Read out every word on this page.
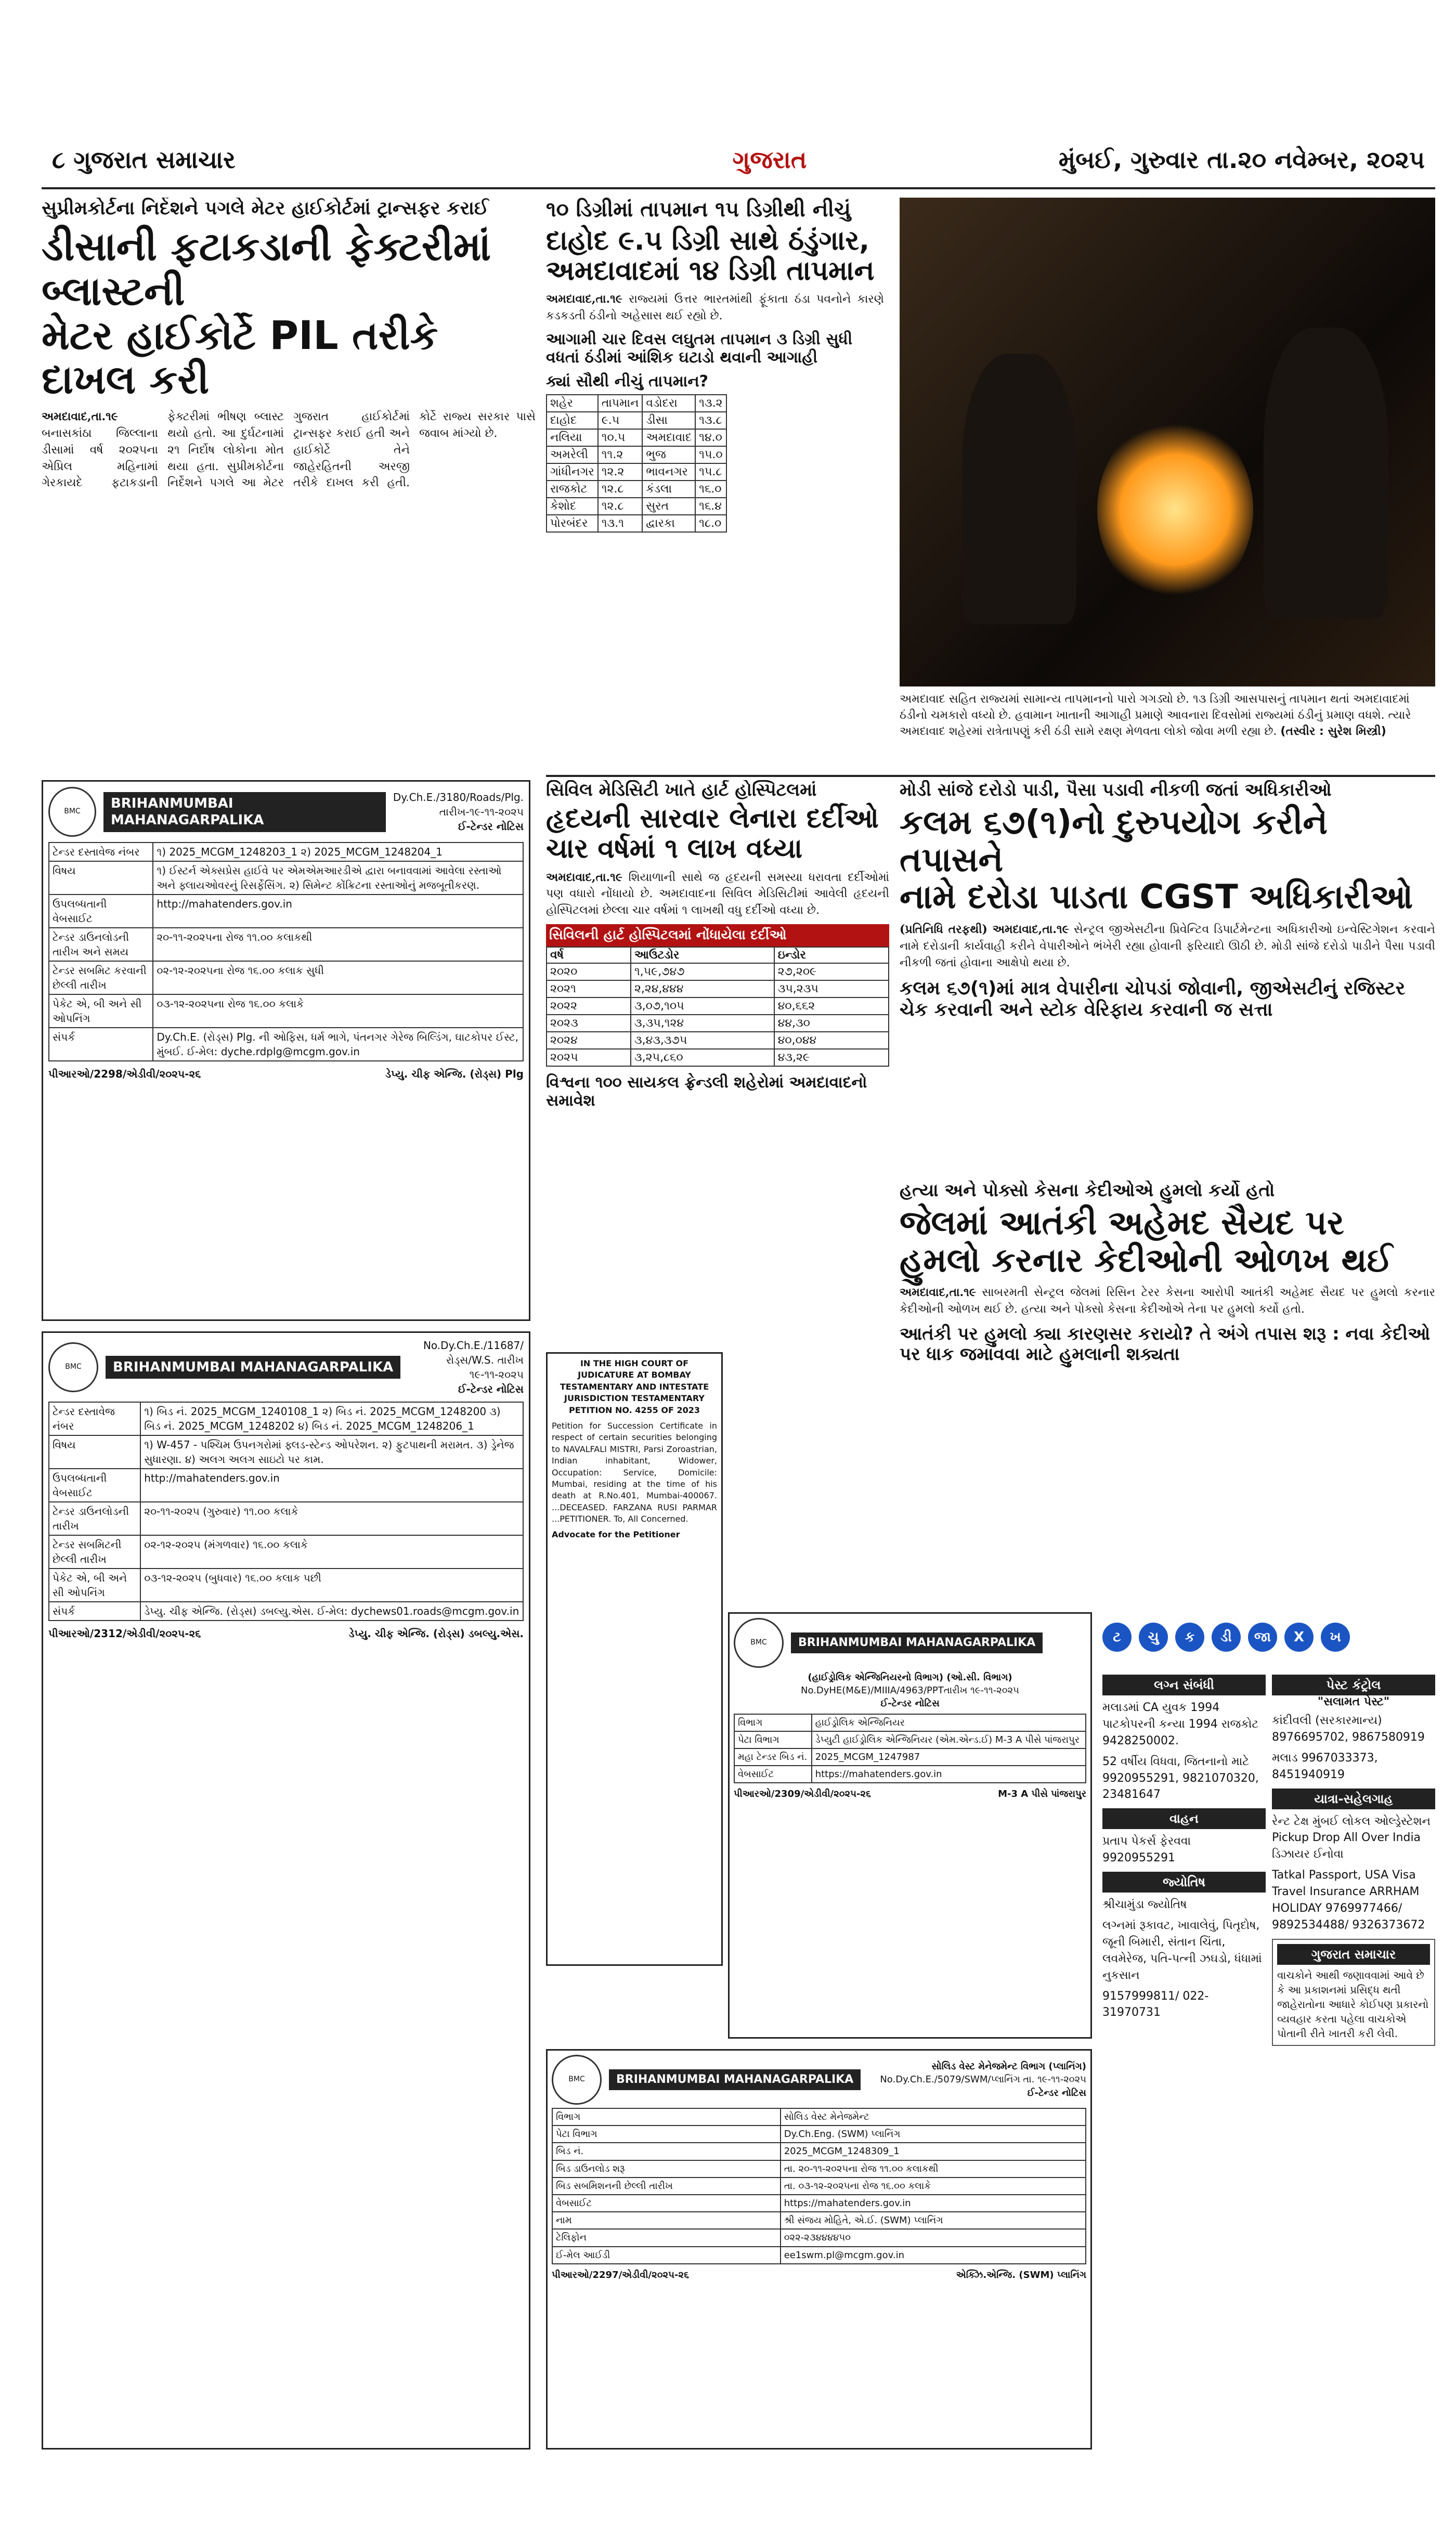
૮ ગુજરાત સમાચાર	ગુજરાત	મુંબઈ, ગુરુવાર તા.૨૦ નવેમ્બર, ૨૦૨૫
સુપ્રીમકોર્ટના નિર્દેશને પગલે મેટર હાઈકોર્ટમાં ટ્રાન્સફર કરાઈ
ડીસાની ફટાકડાની ફેક્ટરીમાં બ્લાસ્ટની
મેટર હાઈકોર્ટે PIL તરીકે દાખલ કરી
અમદાવાદ,તા.૧૯ બનાસકાંઠા જિલ્લાના ડીસામાં વર્ષ ૨૦૨૫ના એપ્રિલ મહિનામાં ગેરકાયદે ફટાકડાની ફેક્ટરીમાં ભીષણ બ્લાસ્ટ થયો હતો. આ દુર્ઘટનામાં ૨૧ નિર્દોષ લોકોના મોત થયા હતા. સુપ્રીમકોર્ટના નિર્દેશને પગલે આ મેટર ગુજરાત હાઈકોર્ટમાં ટ્રાન્સફર કરાઈ હતી અને હાઈકોર્ટે તેને જાહેરહિતની અરજી તરીકે દાખલ કરી હતી. કોર્ટે રાજ્ય સરકાર પાસે જવાબ માંગ્યો છે.
૧૦ ડિગ્રીમાં તાપમાન ૧૫ ડિગ્રીથી નીચું
દાહોદ ૯.૫ ડિગ્રી સાથે ઠંડુંગાર,
અમદાવાદમાં ૧૪ ડિગ્રી તાપમાન
અમદાવાદ,તા.૧૯ રાજ્યમાં ઉત્તર ભારતમાંથી ફૂંકાતા ઠંડા પવનોને કારણે કડકડતી ઠંડીનો અહેસાસ થઈ રહ્યો છે.
આગામી ચાર દિવસ લઘુતમ તાપમાન ૩ ડિગ્રી સુધી વધતાં ઠંડીમાં આંશિક ઘટાડો થવાની આગાહી
ક્યાં સૌથી નીચું તાપમાન?
શહેર	તાપમાન	વડોદરા	૧૩.૨
દાહોદ	૯.૫	ડીસા	૧૩.૮
નલિયા	૧૦.૫	અમદાવાદ	૧૪.૦
અમરેલી	૧૧.૨	ભુજ	૧૫.૦
ગાંધીનગર	૧૨.૨	ભાવનગર	૧૫.૮
રાજકોટ	૧૨.૮	કંડલા	૧૬.૦
કેશોદ	૧૨.૮	સુરત	૧૬.૪
પોરબંદર	૧૩.૧	દ્વારકા	૧૮.૦
અમદાવાદ સહિત રાજ્યમાં સામાન્ય તાપમાનનો પારો ગગડ્યો છે. ૧૩ ડિગ્રી આસપાસનું તાપમાન થતાં અમદાવાદમાં ઠંડીનો ચમકારો વધ્યો છે. હવામાન ખાતાની આગાહી પ્રમાણે આવનારા દિવસોમાં રાજ્યમાં ઠંડીનું પ્રમાણ વધશે. ત્યારે અમદાવાદ શહેરમાં રાત્રેતાપણું કરી ઠંડી સામે રક્ષણ મેળવતા લોકો જોવા મળી રહ્યા છે. (તસ્વીર : સુરેશ મિસ્ત્રી)
BMC
BRIHANMUMBAI MAHANAGARPALIKA
Dy.Ch.E./3180/Roads/Plg. તારીખ-૧૯-૧૧-૨૦૨૫
ઈ-ટેન્ડર નોટિસ
ટેન્ડર દસ્તાવેજ નંબર	૧) 2025_MCGM_1248203_1 ૨) 2025_MCGM_1248204_1
વિષય	૧) ઈસ્ટર્ન એક્સપ્રેસ હાઈવે પર એમએમઆરડીએ દ્વારા બનાવવામાં આવેલા રસ્તાઓ અને ફ્લાયઓવરનું રિસર્ફેસિંગ. ૨) સિમેન્ટ કોંક્રિટના રસ્તાઓનું મજબૂતીકરણ.
ઉપલબ્ધતાની વેબસાઈટ	http://mahatenders.gov.in
ટેન્ડર ડાઉનલોડની તારીખ અને સમય	૨૦-૧૧-૨૦૨૫ના રોજ ૧૧.૦૦ કલાકથી
ટેન્ડર સબમિટ કરવાની છેલ્લી તારીખ	૦૨-૧૨-૨૦૨૫ના રોજ ૧૬.૦૦ કલાક સુધી
પેકેટ એ, બી અને સી ઓપનિંગ	૦૩-૧૨-૨૦૨૫ના રોજ ૧૬.૦૦ કલાકે
સંપર્ક	Dy.Ch.E. (રોડ્સ) Plg. ની ઓફિસ, ધર્મ ભાગે, પંતનગર ગેરેજ બિલ્ડિંગ, ઘાટકોપર ઈસ્ટ, મુંબઈ. ઈ-મેલ: dyche.rdplg@mcgm.gov.in
પીઆરઓ/2298/એડીવી/૨૦૨૫-૨૬	ડેપ્યુ. ચીફ એન્જિ. (રોડ્સ) Plg
BMC	BRIHANMUMBAI MAHANAGARPALIKA
No.Dy.Ch.E./11687/રોડ્સ/W.S. તારીખ ૧૯-૧૧-૨૦૨૫
ઈ-ટેન્ડર નોટિસ
ટેન્ડર દસ્તાવેજ નંબર	૧) બિડ નં. 2025_MCGM_1240108_1 ૨) બિડ નં. 2025_MCGM_1248200 ૩) બિડ નં. 2025_MCGM_1248202 ૪) બિડ નં. 2025_MCGM_1248206_1
વિષય	૧) W-457 - પશ્ચિમ ઉપનગરોમાં ફ્લડ-સ્ટેન્ડ ઓપરેશન. ૨) ફુટપાથની મરામત. ૩) ડ્રેનેજ સુધારણા. ૪) અલગ અલગ સાઇટો પર કામ.
ઉપલબ્ધતાની વેબસાઈટ	http://mahatenders.gov.in
ટેન્ડર ડાઉનલોડની તારીખ	૨૦-૧૧-૨૦૨૫ (ગુરુવાર) ૧૧.૦૦ કલાકે
ટેન્ડર સબમિટની છેલ્લી તારીખ	૦૨-૧૨-૨૦૨૫ (મંગળવાર) ૧૬.૦૦ કલાકે
પેકેટ એ, બી અને સી ઓપનિંગ	૦૩-૧૨-૨૦૨૫ (બુધવાર) ૧૬.૦૦ કલાક પછી
સંપર્ક	ડેપ્યુ. ચીફ એન્જિ. (રોડ્સ) ડબલ્યુ.એસ. ઈ-મેલ: dychews01.roads@mcgm.gov.in
પીઆરઓ/2312/એડીવી/૨૦૨૫-૨૬	ડેપ્યુ. ચીફ એન્જિ. (રોડ્સ) ડબલ્યુ.એસ.
સિવિલ મેડિસિટી ખાતે હાર્ટ હોસ્પિટલમાં
હૃદયની સારવાર લેનારા દર્દીઓ
ચાર વર્ષમાં ૧ લાખ વધ્યા
અમદાવાદ,તા.૧૯ શિયાળાની સાથે જ હૃદયની સમસ્યા ધરાવતા દર્દીઓમાં પણ વધારો નોંધાયો છે. અમદાવાદના સિવિલ મેડિસિટીમાં આવેલી હૃદયની હોસ્પિટલમાં છેલ્લા ચાર વર્ષમાં ૧ લાખથી વધુ દર્દીઓ વધ્યા છે.
સિવિલની હાર્ટ હોસ્પિટલમાં નોંધાયેલા દર્દીઓ
વર્ષ	આઉટડોર	ઇન્ડોર
૨૦૨૦	૧,૫૯,૭૪૭	૨૭,૨૦૯
૨૦૨૧	૨,૨૪,૪૪૪	૩૫,૨૩૫
૨૦૨૨	૩,૦૭,૧૦૫	૪૦,૬૬૨
૨૦૨૩	૩,૩૫,૧૨૪	૪૪,૩૦
૨૦૨૪	૩,૪૩,૩૭૫	૪૦,૦૪૪
૨૦૨૫	૩,૨૫,૮૬૦	૪૩,૨૯
વિશ્વના ૧૦૦ સાયકલ ફ્રેન્ડલી શહેરોમાં અમદાવાદનો સમાવેશ
મોડી સાંજે દરોડો પાડી, પૈસા પડાવી નીકળી જતાં અધિકારીઓ
કલમ ૬૭(૧)નો દુરુપયોગ કરીને તપાસને
નામે દરોડા પાડતા CGST અધિકારીઓ
(પ્રતિનિધિ તરફથી) અમદાવાદ,તા.૧૯ સેન્ટ્રલ જીએસટીના પ્રિવેન્ટિવ ડિપાર્ટમેન્ટના અધિકારીઓ ઇન્વેસ્ટિગેશન કરવાને નામે દરોડાની કાર્યવાહી કરીને વેપારીઓને ભંખેરી રહ્યા હોવાની ફરિયાદો ઊઠી છે. મોડી સાંજે દરોડો પાડીને પૈસા પડાવી નીકળી જતાં હોવાના આક્ષેપો થયા છે.
કલમ ૬૭(૧)માં માત્ર વેપારીના ચોપડાં જોવાની, જીએસટીનું રજિસ્ટર ચેક કરવાની અને સ્ટોક વેરિફાય કરવાની જ સત્તા
હત્યા અને પોક્સો કેસના કેદીઓએ હુમલો કર્યો હતો
જેલમાં આતંકી અહેમદ સૈયદ પર
હુમલો કરનાર કેદીઓની ઓળખ થઈ
અમદાવાદ,તા.૧૯ સાબરમતી સેન્ટ્રલ જેલમાં રિસિન ટેરર કેસના આરોપી આતંકી અહેમદ સૈયદ પર હુમલો કરનાર કેદીઓની ઓળખ થઈ છે. હત્યા અને પોક્સો કેસના કેદીઓએ તેના પર હુમલો કર્યો હતો.
આતંકી પર હુમલો ક્યા કારણસર કરાયો? તે અંગે તપાસ શરૂ : નવા કેદીઓ પર ધાક જમાવવા માટે હુમલાની શક્યતા
IN THE HIGH COURT OF JUDICATURE AT BOMBAY TESTAMENTARY AND INTESTATE JURISDICTION TESTAMENTARY PETITION NO. 4255 OF 2023
Petition for Succession Certificate in respect of certain securities belonging to NAVALFALI MISTRI, Parsi Zoroastrian, Indian inhabitant, Widower, Occupation: Service, Domicile: Mumbai, residing at the time of his death at R.No.401, Mumbai-400067. ...DECEASED. FARZANA RUSI PARMAR ...PETITIONER. To, All Concerned.
Advocate for the Petitioner
BMC	BRIHANMUMBAI MAHANAGARPALIKA
(હાઈડ્રોલિક એન્જિનિયરનો વિભાગ) (ઓ.સી. વિભાગ)
No.DyHE(M&E)/MIIIA/4963/PPTતારીખ ૧૯-૧૧-૨૦૨૫
ઈ-ટેન્ડર નોટિસ
વિભાગ	હાઈડ્રોલિક એન્જિનિયર
પેટા વિભાગ	ડેપ્યુટી હાઈડ્રોલિક એન્જિનિયર (એમ.એન્ડ.ઈ) M-3 A પીસે પાંજરાપુર
મહા ટેન્ડર બિડ નં.	2025_MCGM_1247987
વેબસાઈટ	https://mahatenders.gov.in
પીઆરઓ/2309/એડીવી/૨૦૨૫-૨૬	M-3 A પીસે પાંજરાપુર
BMC	BRIHANMUMBAI MAHANAGARPALIKA
સોલિડ વેસ્ટ મેનેજમેન્ટ વિભાગ (પ્લાનિંગ)
No.Dy.Ch.E./5079/SWM/પ્લાનિંગ તા. ૧૯-૧૧-૨૦૨૫
ઈ-ટેન્ડર નોટિસ
વિભાગ	સોલિડ વેસ્ટ મેનેજમેન્ટ
પેટા વિભાગ	Dy.Ch.Eng. (SWM) પ્લાનિંગ
બિડ નં.	2025_MCGM_1248309_1
બિડ ડાઉનલોડ શરૂ	તા. ૨૦-૧૧-૨૦૨૫ના રોજ ૧૧.૦૦ કલાકથી
બિડ સબમિશનની છેલ્લી તારીખ	તા. ૦૩-૧૨-૨૦૨૫ના રોજ ૧૬.૦૦ કલાકે
વેબસાઈટ	https://mahatenders.gov.in
નામ	શ્રી સંજય મોહિતે, એ.ઈ. (SWM) પ્લાનિંગ
ટેલિફોન	૦૨૨-૨૩૪૪૪૪૫૦
ઈ-મેલ આઈડી	ee1swm.pl@mcgm.gov.in
પીઆરઓ/2297/એડીવી/૨૦૨૫-૨૬	એક્ઝિ.એન્જિ. (SWM) પ્લાનિંગ
ટ	ચુ	ક	ડી	જા	X	ખ
લગ્ન સંબંધી
મલાડમાં CA યુવક 1994 પાટકોપરની કન્યા 1994 રાજકોટ 9428250002.
52 વર્ષીય વિધવા, જિતનાનો માટે 9920955291, 9821070320, 23481647
વાહન
પ્રતાપ પેકર્સ ફેરવવા 9920955291
જ્યોતિષ
શ્રીચામુંડા જ્યોતિષ
લગ્નમાં રૂકાવટ, ખાવાલેવું, પિતૃદોષ, જૂની બિમારી, સંતાન ચિંતા, લવમેરેજ, પતિ-પત્ની ઝઘડો, ધંધામાં નુકસાન
9157999811/ 022-31970731
પેસ્ટ કંટ્રોલ
"સલામત પેસ્ટ"
કાંદીવલી (સરકારમાન્ય) 8976695702, 9867580919
મલાડ 9967033373, 8451940919
યાત્રા-સહેલગાહ
રેન્ટ ટેક્ષ મુંબઈ લોકલ ઓલ્ડ્રેસ્ટેશન Pickup Drop All Over India ડિઝાયર ઈનોવા
Tatkal Passport, USA Visa Travel Insurance ARRHAM HOLIDAY 9769977466/ 9892534488/ 9326373672
ગુજરાત સમાચાર
વાચકોને આથી જણાવવામાં આવે છે કે આ પ્રકાશનમાં પ્રસિદ્ધ થતી જાહેરાતોના આધારે કોઈપણ પ્રકારનો વ્યવહાર કરતા પહેલા વાચકોએ પોતાની રીતે ખાતરી કરી લેવી.
